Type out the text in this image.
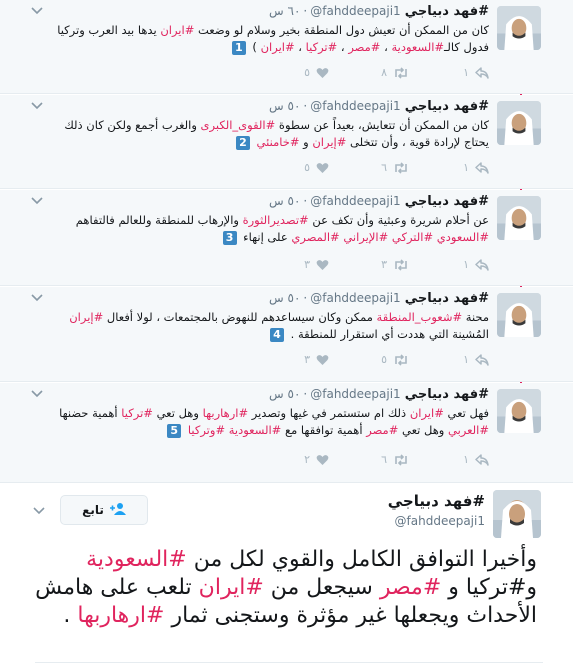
#فهد دبياجي@fahddeepaji1·٦٠ س
كان من الممكن أن تعيش دول المنطقة بخير وسلام لو وضعت #ايران يدها بيد العرب وتركيا فدول كالـ#السعودية ، #مصر ، #تركيا ، #ايران ) 1
١
٨
٥
#فهد دبياجي@fahddeepaji1·٥٠ س
كان من الممكن أن تتعايش، بعيداً عن سطوة #القوى_الكبرى والغرب أجمع ولكن كان ذلك يحتاج لإرادة قوية ، وأن تتخلى #إيران و #خامنئي 2
١
٦
٥
#فهد دبياجي@fahddeepaji1·٥٠ س
عن أحلام شريرة وعبثية وأن تكف عن #تصديرالثورة والإرهاب للمنطقة وللعالم فالتفاهم #السعودي #التركي #الإيراني #المصري على إنهاء 3
١
٣
٣
#فهد دبياجي@fahddeepaji1·٥٠ س
محنة #شعوب_المنطقة ممكن وكان سيساعدهم للنهوض بالمجتمعات ، لولا أفعال #إيران المُشينة التي هددت أي استقرار للمنطقة . 4
١
٥
٣
#فهد دبياجي@fahddeepaji1·٥٠ س
فهل تعي #ايران ذلك ام ستستمر في غيها وتصدير #ارهاربها وهل تعي #تركيا أهمية حضنها #العربي وهل تعي #مصر أهمية توافقها مع #السعودية #وتركيا 5
١
٦
٢
#فهد دبياجي
@fahddeepaji1
تابع
وأخيرا التوافق الكامل والقوي لكل من #السعودية و#تركيا و #مصر سيجعل من #ايران تلعب على هامش الأحداث ويجعلها غير مؤثرة وستجنى ثمار #ارهاربها .
